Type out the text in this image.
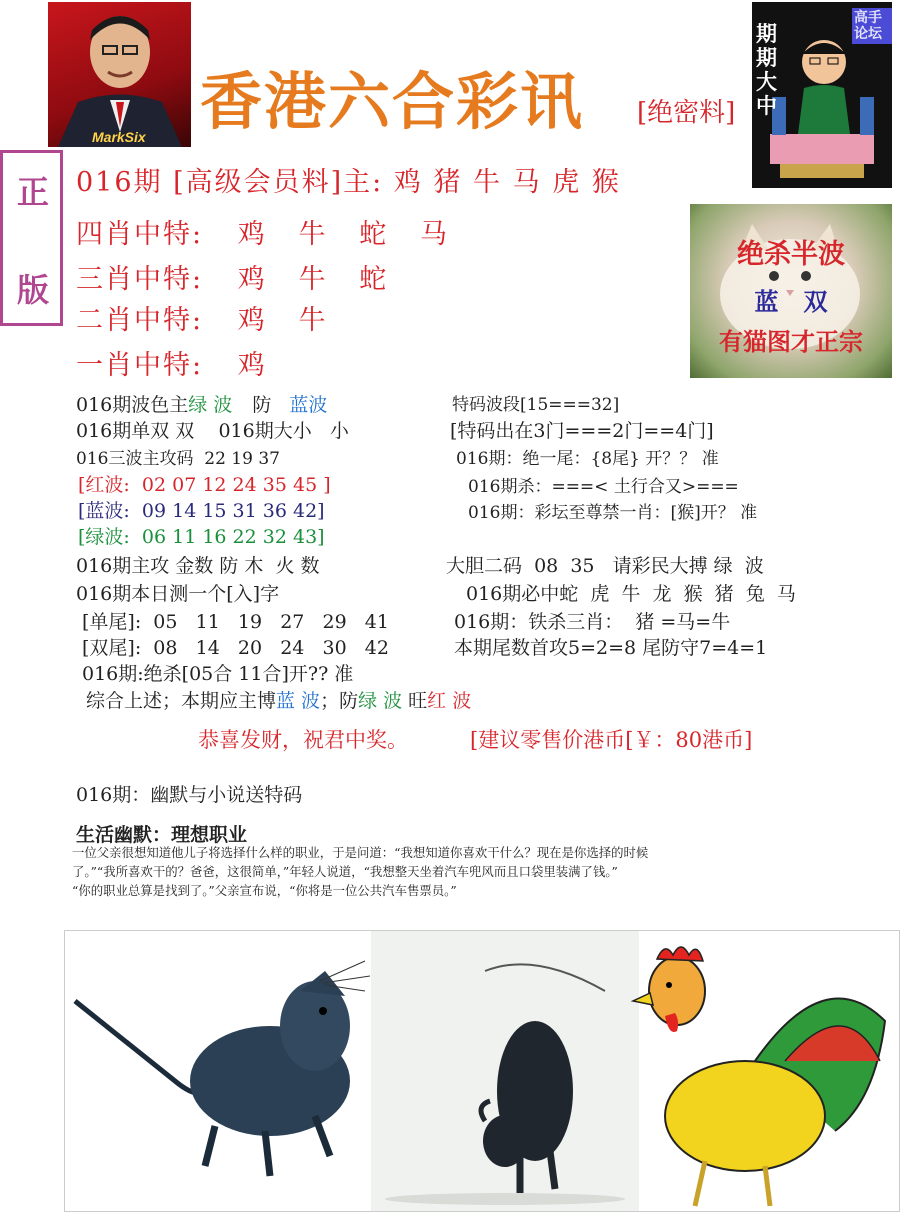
MarkSix 香港六合彩讯 [绝密料]
期期大中
高手论坛
正
版
016期 [高级会员料]主: 鸡 猪 牛 马 虎 猴
四肖中特: 鸡   牛   蛇   马
三肖中特: 鸡   牛   蛇
二肖中特: 鸡   牛
一肖中特: 鸡
绝杀半波
蓝   双
有猫图才正宗
016期波色主绿 波 防 蓝波
016期单双 双    016期大小   小
016三波主攻码  22 19 37
[红波:  02 07 12 24 35 45 ]
[蓝波:  09 14 15 31 36 42]
[绿波:  06 11 16 22 32 43]
016期主攻 金数 防 木  火 数
016期本日测一个[入]字
[单尾]:  05   11   19   27   29   41
[双尾]:  08   14   20   24   30   42
016期:绝杀[05合 11合]开?? 准
综合上述；本期应主博蓝 波；防绿 波 旺红 波
特码波段[15===32]
[特码出在3门===2门==4门]
016期：绝一尾：{8尾} 开？？ 准
016期杀：===< 土行合又>===
016期：彩坛至尊禁一肖：[猴]开？ 准
大胆二码  08  35   请彩民大搏 绿  波
016期必中蛇  虎  牛  龙  猴  猪  兔  马
016期：铁杀三肖：  猪 =马=牛
本期尾数首攻5=2=8 尾防守7=4=1
恭喜发财，祝君中奖。	[建议零售价港币[￥：80港币]
016期：幽默与小说送特码
生活幽默：理想职业
一位父亲很想知道他儿子将选择什么样的职业，于是问道：“我想知道你喜欢干什么？现在是你选择的时候
了。”“我所喜欢干的？爸爸，这很简单，”年轻人说道，“我想整天坐着汽车兜风而且口袋里装满了钱。”
“你的职业总算是找到了。”父亲宣布说，“你将是一位公共汽车售票员。”
